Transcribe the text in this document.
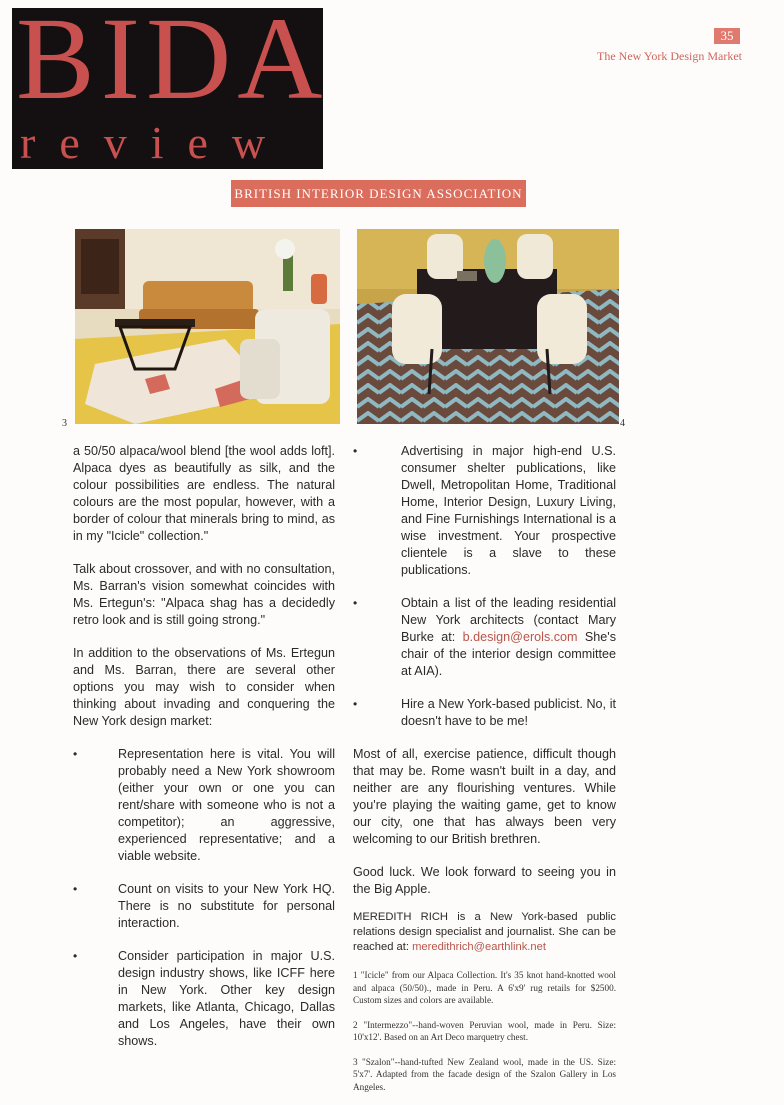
BIDA
review
35
The New York Design Market
BRITISH INTERIOR DESIGN ASSOCIATION
3	4

a 50/50 alpaca/wool blend [the wool adds loft]. Alpaca dyes as beautifully as silk, and the colour possibilities are endless. The natural colours are the most popular, however, with a border of colour that minerals bring to mind, as in my "Icicle" collection."

Talk about crossover, and with no consultation, Ms. Barran's vision somewhat coincides with Ms. Ertegun's: "Alpaca shag has a decidedly retro look and is still going strong."

In addition to the observations of Ms. Ertegun and Ms. Barran, there are several other options you may wish to consider when thinking about invading and conquering the New York design market:

•	Representation here is vital. You will probably need a New York showroom (either your own or one you can rent/share with someone who is not a competitor); an aggressive, experienced representative; and a viable website.
•	Count on visits to your New York HQ. There is no substitute for personal interaction.
•	Consider participation in major U.S. design industry shows, like ICFF here in New York. Other key design markets, like Atlanta, Chicago, Dallas and Los Angeles, have their own shows.
•	Advertising in major high-end U.S. consumer shelter publications, like Dwell, Metropolitan Home, Traditional Home, Interior Design, Luxury Living, and Fine Furnishings International is a wise investment. Your prospective clientele is a slave to these publications.
•	Obtain a list of the leading residential New York architects (contact Mary Burke at: b.design@erols.com She's chair of the interior design committee at AIA).
•	Hire a New York-based publicist. No, it doesn't have to be me!

Most of all, exercise patience, difficult though that may be. Rome wasn't built in a day, and neither are any flourishing ventures. While you're playing the waiting game, get to know our city, one that has always been very welcoming to our British brethren.

Good luck. We look forward to seeing you in the Big Apple.

MEREDITH RICH is a New York-based public relations design specialist and journalist. She can be reached at: meredithrich@earthlink.net

1 "Icicle" from our Alpaca Collection. It's 35 knot hand-knotted wool and alpaca (50/50)., made in Peru. A 6'x9' rug retails for $2500. Custom sizes and colors are available.

2 "Intermezzo"--hand-woven Peruvian wool, made in Peru. Size: 10'x12'. Based on an Art Deco marquetry chest.

3 "Szalon"--hand-tufted New Zealand wool, made in the US. Size: 5'x7'. Adapted from the facade design of the Szalon Gallery in Los Angeles.
